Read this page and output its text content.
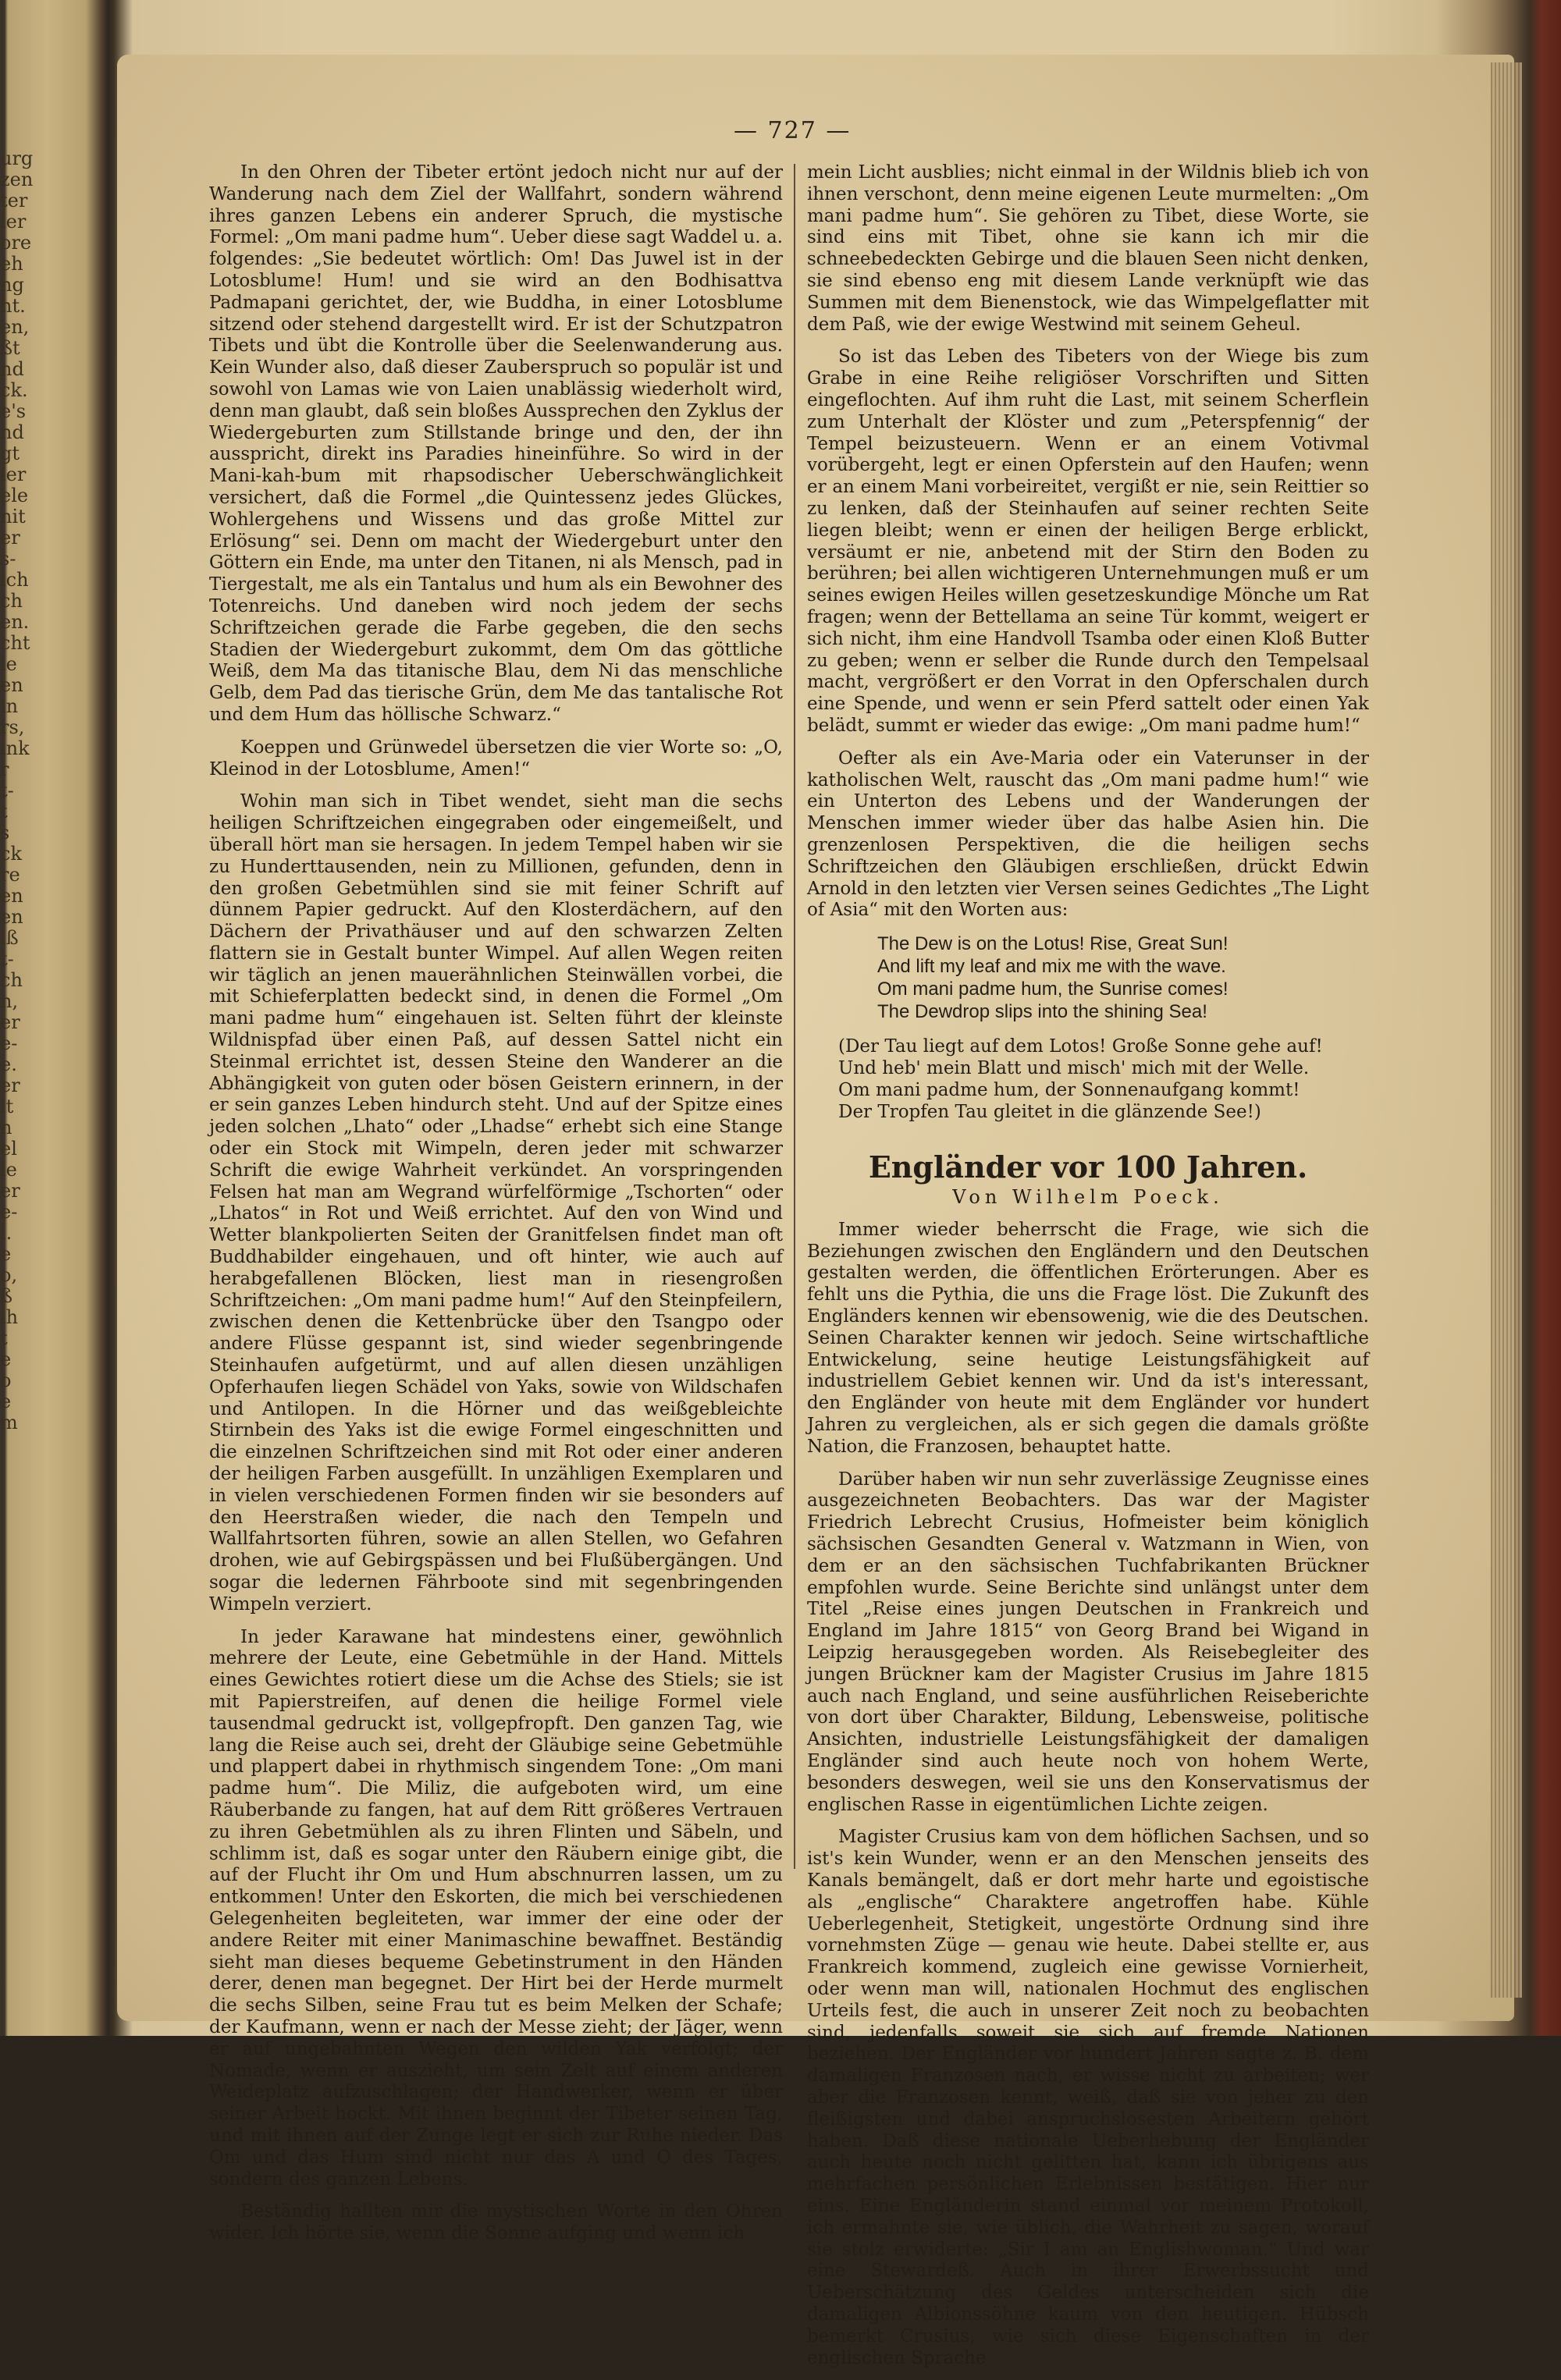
urg
zen
ter
ier
ore
eh
ng
ht.
en,
ßt
nd
ck.
e's
nd
gt
ier
ele
nit
er
s-
ich
ch
en.
cht
ie
en
in
rs,
ink
r
t-
t
s
ck
re
en
en
iß
t-
ch
n,
er
e-
e.
er
lt
n
el
ie
er
e-
i.
e
o,
ß
ih
t
e
o
e
m
— 727 —

In den Ohren der Tibeter ertönt jedoch nicht nur auf der Wanderung nach dem Ziel der Wallfahrt, sondern während ihres ganzen Lebens ein anderer Spruch, die mystische Formel: „Om mani padme hum“. Ueber diese sagt Waddel u. a. folgendes: „Sie bedeutet wörtlich: Om! Das Juwel ist in der Lotosblume! Hum! und sie wird an den Bodhisattva Padmapani gerichtet, der, wie Buddha, in einer Lotosblume sitzend oder stehend dargestellt wird. Er ist der Schutzpatron Tibets und übt die Kontrolle über die Seelenwanderung aus. Kein Wunder also, daß dieser Zauberspruch so populär ist und sowohl von Lamas wie von Laien unablässig wiederholt wird, denn man glaubt, daß sein bloßes Aussprechen den Zyklus der Wiedergeburten zum Stillstande bringe und den, der ihn ausspricht, direkt ins Paradies hineinführe. So wird in der Mani-kah-bum mit rhapsodischer Ueberschwänglichkeit versichert, daß die Formel „die Quintessenz jedes Glückes, Wohlergehens und Wissens und das große Mittel zur Erlösung“ sei. Denn om macht der Wiedergeburt unter den Göttern ein Ende, ma unter den Titanen, ni als Mensch, pad in Tiergestalt, me als ein Tantalus und hum als ein Bewohner des Totenreichs. Und daneben wird noch jedem der sechs Schriftzeichen gerade die Farbe gegeben, die den sechs Stadien der Wiedergeburt zukommt, dem Om das göttliche Weiß, dem Ma das titanische Blau, dem Ni das menschliche Gelb, dem Pad das tierische Grün, dem Me das tantalische Rot und dem Hum das höllische Schwarz.“

Koeppen und Grünwedel übersetzen die vier Worte so: „O, Kleinod in der Lotosblume, Amen!“

Wohin man sich in Tibet wendet, sieht man die sechs heiligen Schriftzeichen eingegraben oder eingemeißelt, und überall hört man sie hersagen. In jedem Tempel haben wir sie zu Hunderttausenden, nein zu Millionen, gefunden, denn in den großen Gebetmühlen sind sie mit feiner Schrift auf dünnem Papier gedruckt. Auf den Klosterdächern, auf den Dächern der Privathäuser und auf den schwarzen Zelten flattern sie in Gestalt bunter Wimpel. Auf allen Wegen reiten wir täglich an jenen mauerähnlichen Steinwällen vorbei, die mit Schieferplatten bedeckt sind, in denen die Formel „Om mani padme hum“ eingehauen ist. Selten führt der kleinste Wildnispfad über einen Paß, auf dessen Sattel nicht ein Steinmal errichtet ist, dessen Steine den Wanderer an die Abhängigkeit von guten oder bösen Geistern erinnern, in der er sein ganzes Leben hindurch steht. Und auf der Spitze eines jeden solchen „Lhato“ oder „Lhadse“ erhebt sich eine Stange oder ein Stock mit Wimpeln, deren jeder mit schwarzer Schrift die ewige Wahrheit verkündet. An vorspringenden Felsen hat man am Wegrand würfelförmige „Tschorten“ oder „Lhatos“ in Rot und Weiß errichtet. Auf den von Wind und Wetter blankpolierten Seiten der Granitfelsen findet man oft Buddhabilder eingehauen, und oft hinter, wie auch auf herabgefallenen Blöcken, liest man in riesengroßen Schriftzeichen: „Om mani padme hum!“ Auf den Steinpfeilern, zwischen denen die Kettenbrücke über den Tsangpo oder andere Flüsse gespannt ist, sind wieder segenbringende Steinhaufen aufgetürmt, und auf allen diesen unzähligen Opferhaufen liegen Schädel von Yaks, sowie von Wildschafen und Antilopen. In die Hörner und das weißgebleichte Stirnbein des Yaks ist die ewige Formel eingeschnitten und die einzelnen Schriftzeichen sind mit Rot oder einer anderen der heiligen Farben ausgefüllt. In unzähligen Exemplaren und in vielen verschiedenen Formen finden wir sie besonders auf den Heerstraßen wieder, die nach den Tempeln und Wallfahrtsorten führen, sowie an allen Stellen, wo Gefahren drohen, wie auf Gebirgspässen und bei Flußübergängen. Und sogar die ledernen Fährboote sind mit segenbringenden Wimpeln verziert.

In jeder Karawane hat mindestens einer, gewöhnlich mehrere der Leute, eine Gebetmühle in der Hand. Mittels eines Gewichtes rotiert diese um die Achse des Stiels; sie ist mit Papierstreifen, auf denen die heilige Formel viele tausendmal gedruckt ist, vollgepfropft. Den ganzen Tag, wie lang die Reise auch sei, dreht der Gläubige seine Gebetmühle und plappert dabei in rhythmisch singendem Tone: „Om mani padme hum“. Die Miliz, die aufgeboten wird, um eine Räuberbande zu fangen, hat auf dem Ritt größeres Vertrauen zu ihren Gebetmühlen als zu ihren Flinten und Säbeln, und schlimm ist, daß es sogar unter den Räubern einige gibt, die auf der Flucht ihr Om und Hum abschnurren lassen, um zu entkommen! Unter den Eskorten, die mich bei verschiedenen Gelegenheiten begleiteten, war immer der eine oder der andere Reiter mit einer Manimaschine bewaffnet. Beständig sieht man dieses bequeme Gebetinstrument in den Händen derer, denen man begegnet. Der Hirt bei der Herde murmelt die sechs Silben, seine Frau tut es beim Melken der Schafe; der Kaufmann, wenn er nach der Messe zieht; der Jäger, wenn er auf ungebahnten Wegen den wilden Yak verfolgt; der Nomade, wenn er auszieht, um sein Zelt auf einem anderen Weideplatz aufzuschlagen; der Handwerker, wenn er über seiner Arbeit hockt. Mit ihnen beginnt der Tibeter seinen Tag, und mit ihnen auf der Zunge legt er sich zur Ruhe nieder. Das Om und das Hum sind nicht nur das A und O des Tages, sondern des ganzen Lebens.

Beständig hallten mir die mystischen Worte in den Ohren wider. Ich hörte sie, wenn die Sonne aufging und wenn ich

mein Licht ausblies; nicht einmal in der Wildnis blieb ich von ihnen verschont, denn meine eigenen Leute murmelten: „Om mani padme hum“. Sie gehören zu Tibet, diese Worte, sie sind eins mit Tibet, ohne sie kann ich mir die schneebedeckten Gebirge und die blauen Seen nicht denken, sie sind ebenso eng mit diesem Lande verknüpft wie das Summen mit dem Bienenstock, wie das Wimpelgeflatter mit dem Paß, wie der ewige Westwind mit seinem Geheul.

So ist das Leben des Tibeters von der Wiege bis zum Grabe in eine Reihe religiöser Vorschriften und Sitten eingeflochten. Auf ihm ruht die Last, mit seinem Scherflein zum Unterhalt der Klöster und zum „Peterspfennig“ der Tempel beizusteuern. Wenn er an einem Votivmal vorübergeht, legt er einen Opferstein auf den Haufen; wenn er an einem Mani vorbeireitet, vergißt er nie, sein Reittier so zu lenken, daß der Steinhaufen auf seiner rechten Seite liegen bleibt; wenn er einen der heiligen Berge erblickt, versäumt er nie, anbetend mit der Stirn den Boden zu berühren; bei allen wichtigeren Unternehmungen muß er um seines ewigen Heiles willen gesetzeskundige Mönche um Rat fragen; wenn der Bettellama an seine Tür kommt, weigert er sich nicht, ihm eine Handvoll Tsamba oder einen Kloß Butter zu geben; wenn er selber die Runde durch den Tempelsaal macht, vergrößert er den Vorrat in den Opferschalen durch eine Spende, und wenn er sein Pferd sattelt oder einen Yak belädt, summt er wieder das ewige: „Om mani padme hum!“

Oefter als ein Ave-Maria oder ein Vaterunser in der katholischen Welt, rauscht das „Om mani padme hum!“ wie ein Unterton des Lebens und der Wanderungen der Menschen immer wieder über das halbe Asien hin. Die grenzenlosen Perspektiven, die die heiligen sechs Schriftzeichen den Gläubigen erschließen, drückt Edwin Arnold in den letzten vier Versen seines Gedichtes „The Light of Asia“ mit den Worten aus:

The Dew is on the Lotus! Rise, Great Sun!
And lift my leaf and mix me with the wave.
Om mani padme hum, the Sunrise comes!
The Dewdrop slips into the shining Sea!
(Der Tau liegt auf dem Lotos! Große Sonne gehe auf!
Und heb' mein Blatt und misch' mich mit der Welle.
Om mani padme hum, der Sonnenaufgang kommt!
Der Tropfen Tau gleitet in die glänzende See!)
Engländer vor 100 Jahren.
Von Wilhelm Poeck.

Immer wieder beherrscht die Frage, wie sich die Beziehungen zwischen den Engländern und den Deutschen gestalten werden, die öffentlichen Erörterungen. Aber es fehlt uns die Pythia, die uns die Frage löst. Die Zukunft des Engländers kennen wir ebensowenig, wie die des Deutschen. Seinen Charakter kennen wir jedoch. Seine wirtschaftliche Entwickelung, seine heutige Leistungsfähigkeit auf industriellem Gebiet kennen wir. Und da ist's interessant, den Engländer von heute mit dem Engländer vor hundert Jahren zu vergleichen, als er sich gegen die damals größte Nation, die Franzosen, behauptet hatte.

Darüber haben wir nun sehr zuverlässige Zeugnisse eines ausgezeichneten Beobachters. Das war der Magister Friedrich Lebrecht Crusius, Hofmeister beim königlich sächsischen Gesandten General v. Watzmann in Wien, von dem er an den sächsischen Tuchfabrikanten Brückner empfohlen wurde. Seine Berichte sind unlängst unter dem Titel „Reise eines jungen Deutschen in Frankreich und England im Jahre 1815“ von Georg Brand bei Wigand in Leipzig herausgegeben worden. Als Reisebegleiter des jungen Brückner kam der Magister Crusius im Jahre 1815 auch nach England, und seine ausführlichen Reiseberichte von dort über Charakter, Bildung, Lebensweise, politische Ansichten, industrielle Leistungsfähigkeit der damaligen Engländer sind auch heute noch von hohem Werte, besonders deswegen, weil sie uns den Konservatismus der englischen Rasse in eigentümlichen Lichte zeigen.

Magister Crusius kam von dem höflichen Sachsen, und so ist's kein Wunder, wenn er an den Menschen jenseits des Kanals bemängelt, daß er dort mehr harte und egoistische als „englische“ Charaktere angetroffen habe. Kühle Ueberlegenheit, Stetigkeit, ungestörte Ordnung sind ihre vornehmsten Züge — genau wie heute. Dabei stellte er, aus Frankreich kommend, zugleich eine gewisse Vornierheit, oder wenn man will, nationalen Hochmut des englischen Urteils fest, die auch in unserer Zeit noch zu beobachten sind, jedenfalls soweit sie sich auf fremde Nationen beziehen. Der Engländer vor hundert Jahren sagte z. B. dem damaligen Franzosen nach, er wisse nicht zu arbeiten; wer aber die Franzosen kennt, weiß, daß sie von jeher zu den fleißigsten und dabei anspruchslosesten Arbeitern gehört haben. Daß diese nationale Ueberhebung der Engländer auch heute noch nicht gelitten hat, kann ich übrigens aus mehrfachen persönlichen Erlebnissen bestätigen. Hier nur eins. Eine Engländerin stand einmal vor meinem Protokoll, ich ermahnte sie, wie üblich, die Wahrheit zu sagen, worauf sie stolz erwiderte: „Sir I am an Englishwoman.“ Und war eine Stewardeß. Auch in ihrer Erwerbssucht und Ueberschätzung des Geldes unterscheiden sich die damaligen Albionssöhne kaum von den heutigen. Hübsch bemerkt Crusius, wie sich diese Eigenschaften in der englischen Sprache
